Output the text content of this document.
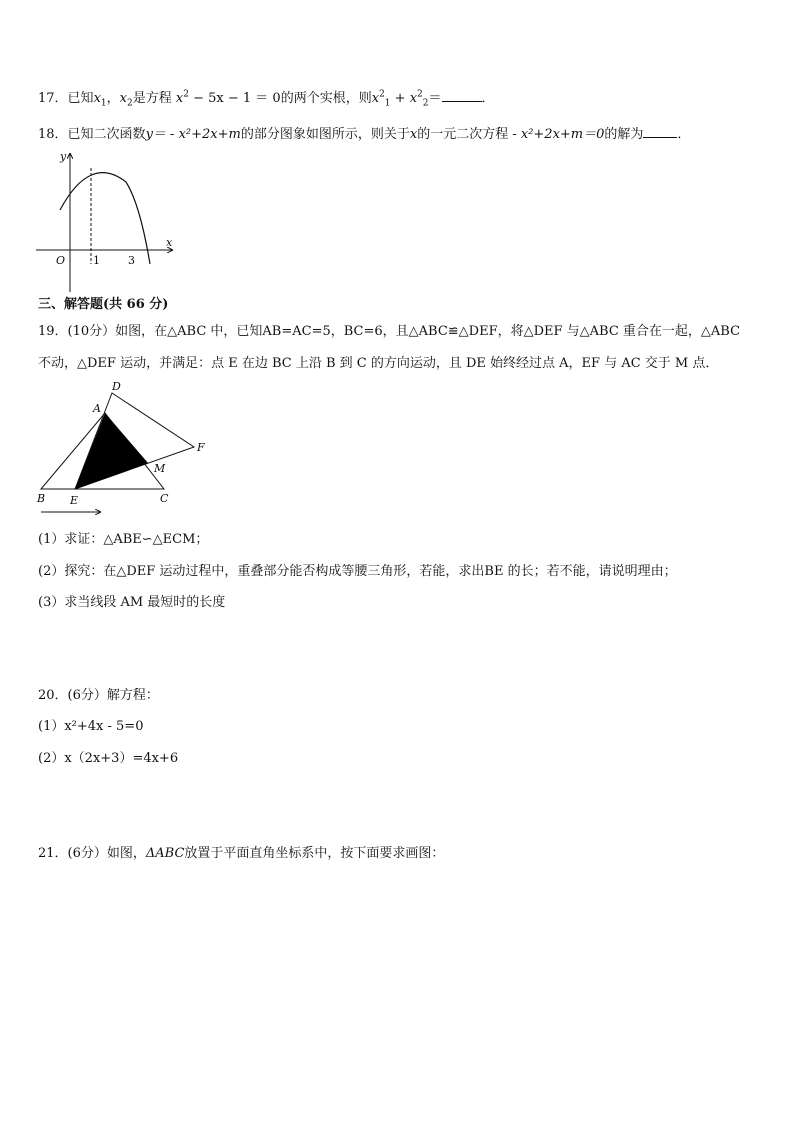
17．已知$x_1$，$x_2$是方程 $x^2 - 5x - 1 = 0$的两个实根，则$x^2_1 + x^2_2=$	．
18．已知二次函数y＝ - x²+2x+m的部分图象如图所示，则关于x的一元二次方程 - x²+2x+m＝0的解为	．
y
x
O	1	3
三、解答题(共 66 分)
19．(10分）如图，在△ABC 中，已知AB=AC=5，BC=6，且△ABC≌△DEF，将△DEF 与△ABC 重合在一起，△ABC
不动，△DEF 运动，并满足：点 E 在边 BC 上沿 B 到 C 的方向运动，且 DE 始终经过点 A，EF 与 AC 交于 M 点．
D
A
F
M
B E	C
(1）求证：△ABE∽△ECM；
(2）探究：在△DEF 运动过程中，重叠部分能否构成等腰三角形，若能，求出BE 的长；若不能，请说明理由；
(3）求当线段 AM 最短时的长度
20．(6分）解方程：
(1）x²+4x - 5=0
(2）x（2x+3）=4x+6
21．(6分）如图，ΔABC放置于平面直角坐标系中，按下面要求画图：
